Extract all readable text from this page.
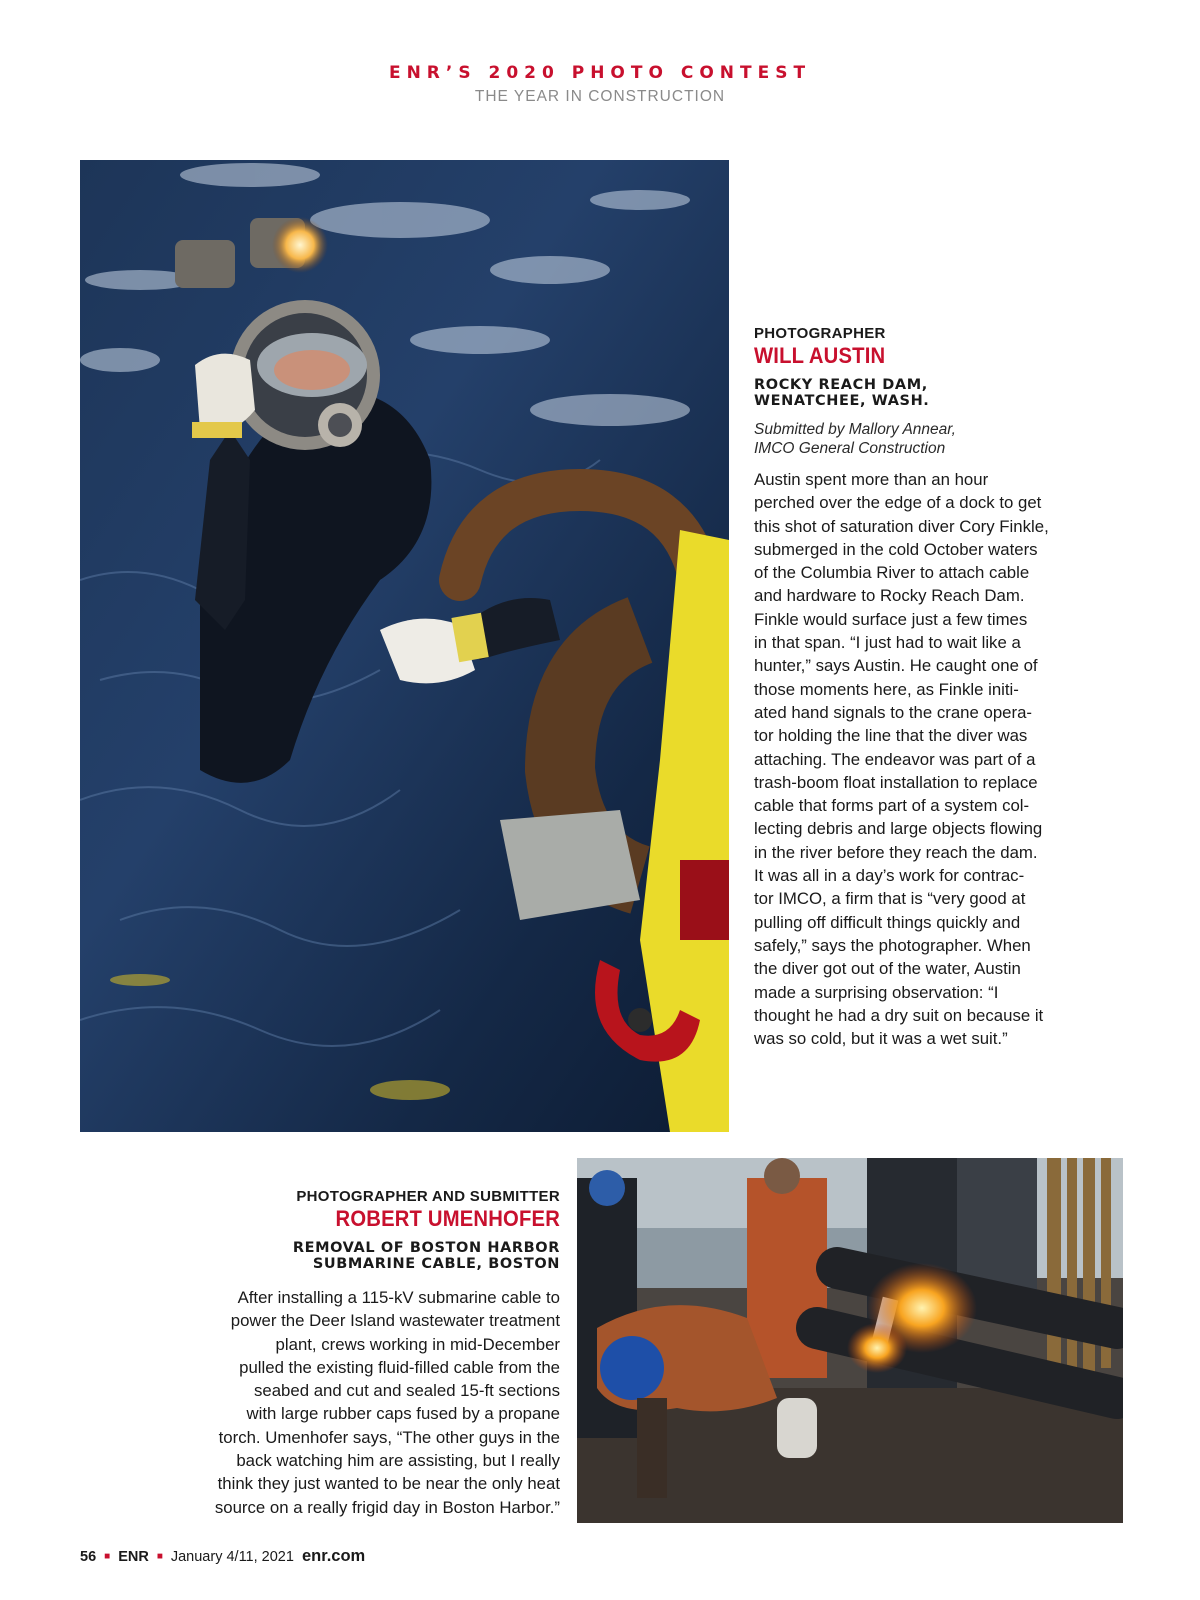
ENR’S 2020 PHOTO CONTEST
THE YEAR IN CONSTRUCTION
PHOTOGRAPHER
WILL AUSTIN
ROCKY REACH DAM,
WENATCHEE, WASH.
Submitted by Mallory Annear,
IMCO General Construction
Austin spent more than an hour
perched over the edge of a dock to get
this shot of saturation diver Cory Finkle,
submerged in the cold October waters
of the Columbia River to attach cable
and hardware to Rocky Reach Dam.
Finkle would surface just a few times
in that span. “I just had to wait like a
hunter,” says Austin. He caught one of
those moments here, as Finkle initi-
ated hand signals to the crane opera-
tor holding the line that the diver was
attaching. The endeavor was part of a
trash-boom float installation to replace
cable that forms part of a system col-
lecting debris and large objects flowing
in the river before they reach the dam.
It was all in a day’s work for contrac-
tor IMCO, a firm that is “very good at
pulling off difficult things quickly and
safely,” says the photographer. When
the diver got out of the water, Austin
made a surprising observation: “I
thought he had a dry suit on because it
was so cold, but it was a wet suit.”
PHOTOGRAPHER AND SUBMITTER
ROBERT UMENHOFER
REMOVAL OF BOSTON HARBOR
SUBMARINE CABLE, BOSTON
After installing a 115-kV submarine cable to
power the Deer Island wastewater treatment
plant, crews working in mid-December
pulled the existing fluid-filled cable from the
seabed and cut and sealed 15-ft sections
with large rubber caps fused by a propane
torch. Umenhofer says, “The other guys in the
back watching him are assisting, but I really
think they just wanted to be near the only heat
source on a really frigid day in Boston Harbor.”
56 ■ ENR ■ January 4/11, 2021 enr.com
